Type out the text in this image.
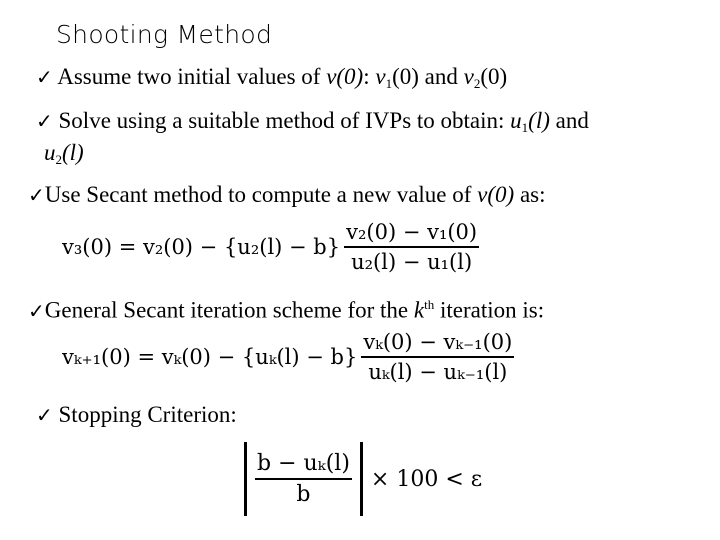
Shooting Method
✓ Assume two initial values of v(0): $v_1(0)$ and $v_2(0)$
✓ Solve using a suitable method of IVPs to obtain: $u_1(l)$ and
$u_2(l)$
✓Use Secant method to compute a new value of v(0) as:
$v_3(0) = v_2(0) - \{u_2(l) - b\} \frac{\text{v₂(0) − v₁(0)}}{\text{u₂(l) − u₁(l)}}$
✓General Secant iteration scheme for the $k^{th}$ iteration is:
$v_{k+1}(0) = v_k(0) - \{u_k(l) - b\} \frac{\text{vₖ(0) − vₖ₋₁(0)}}{\text{uₖ(l) − uₖ₋₁(l)}}$
✓ Stopping Criterion:
$\frac{\text{b − uₖ(l)}}{b} \times 100 < \varepsilon$
